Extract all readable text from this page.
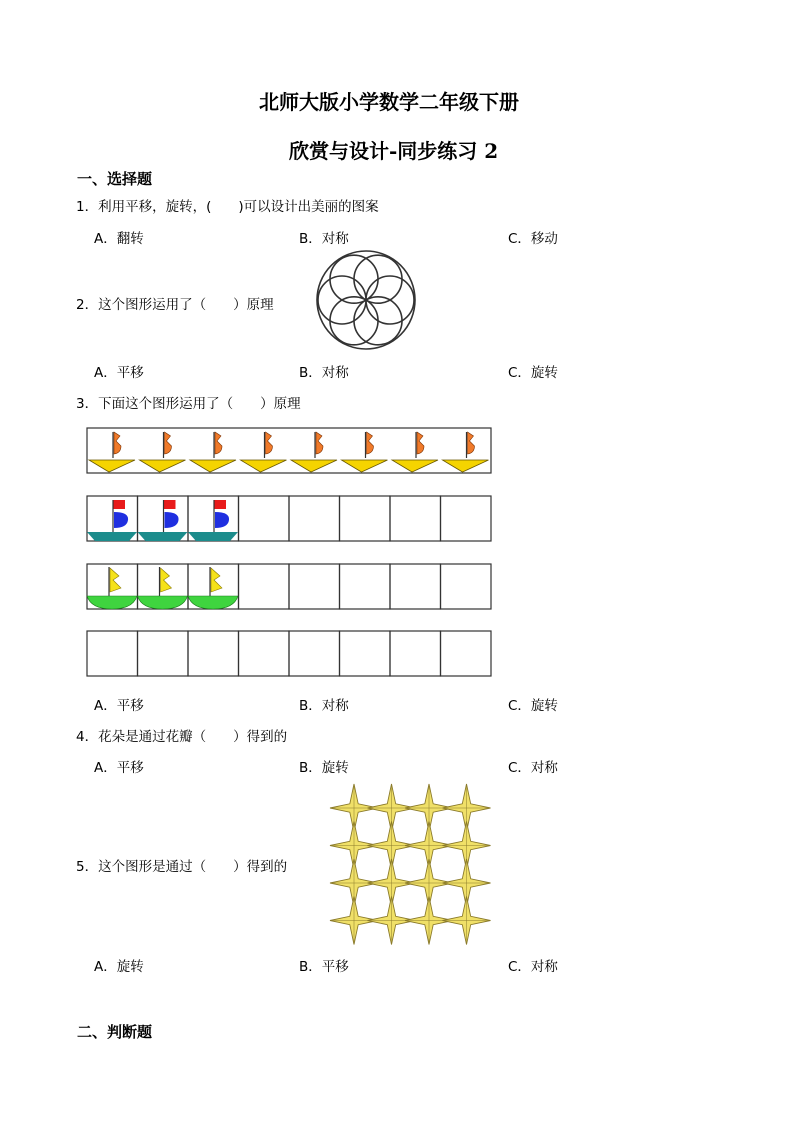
北师大版小学数学二年级下册
欣赏与设计-同步练习 2
一、选择题
1．利用平移，旋转，(　　)可以设计出美丽的图案
A．翻转	B．对称	C．移动
2．这个图形运用了（　　）原理
A．平移	B．对称	C．旋转
3．下面这个图形运用了（　　）原理
A．平移	B．对称	C．旋转
4．花朵是通过花瓣（　　）得到的
A．平移	B．旋转	C．对称
5．这个图形是通过（　　）得到的
A．旋转	B．平移	C．对称
二、判断题
